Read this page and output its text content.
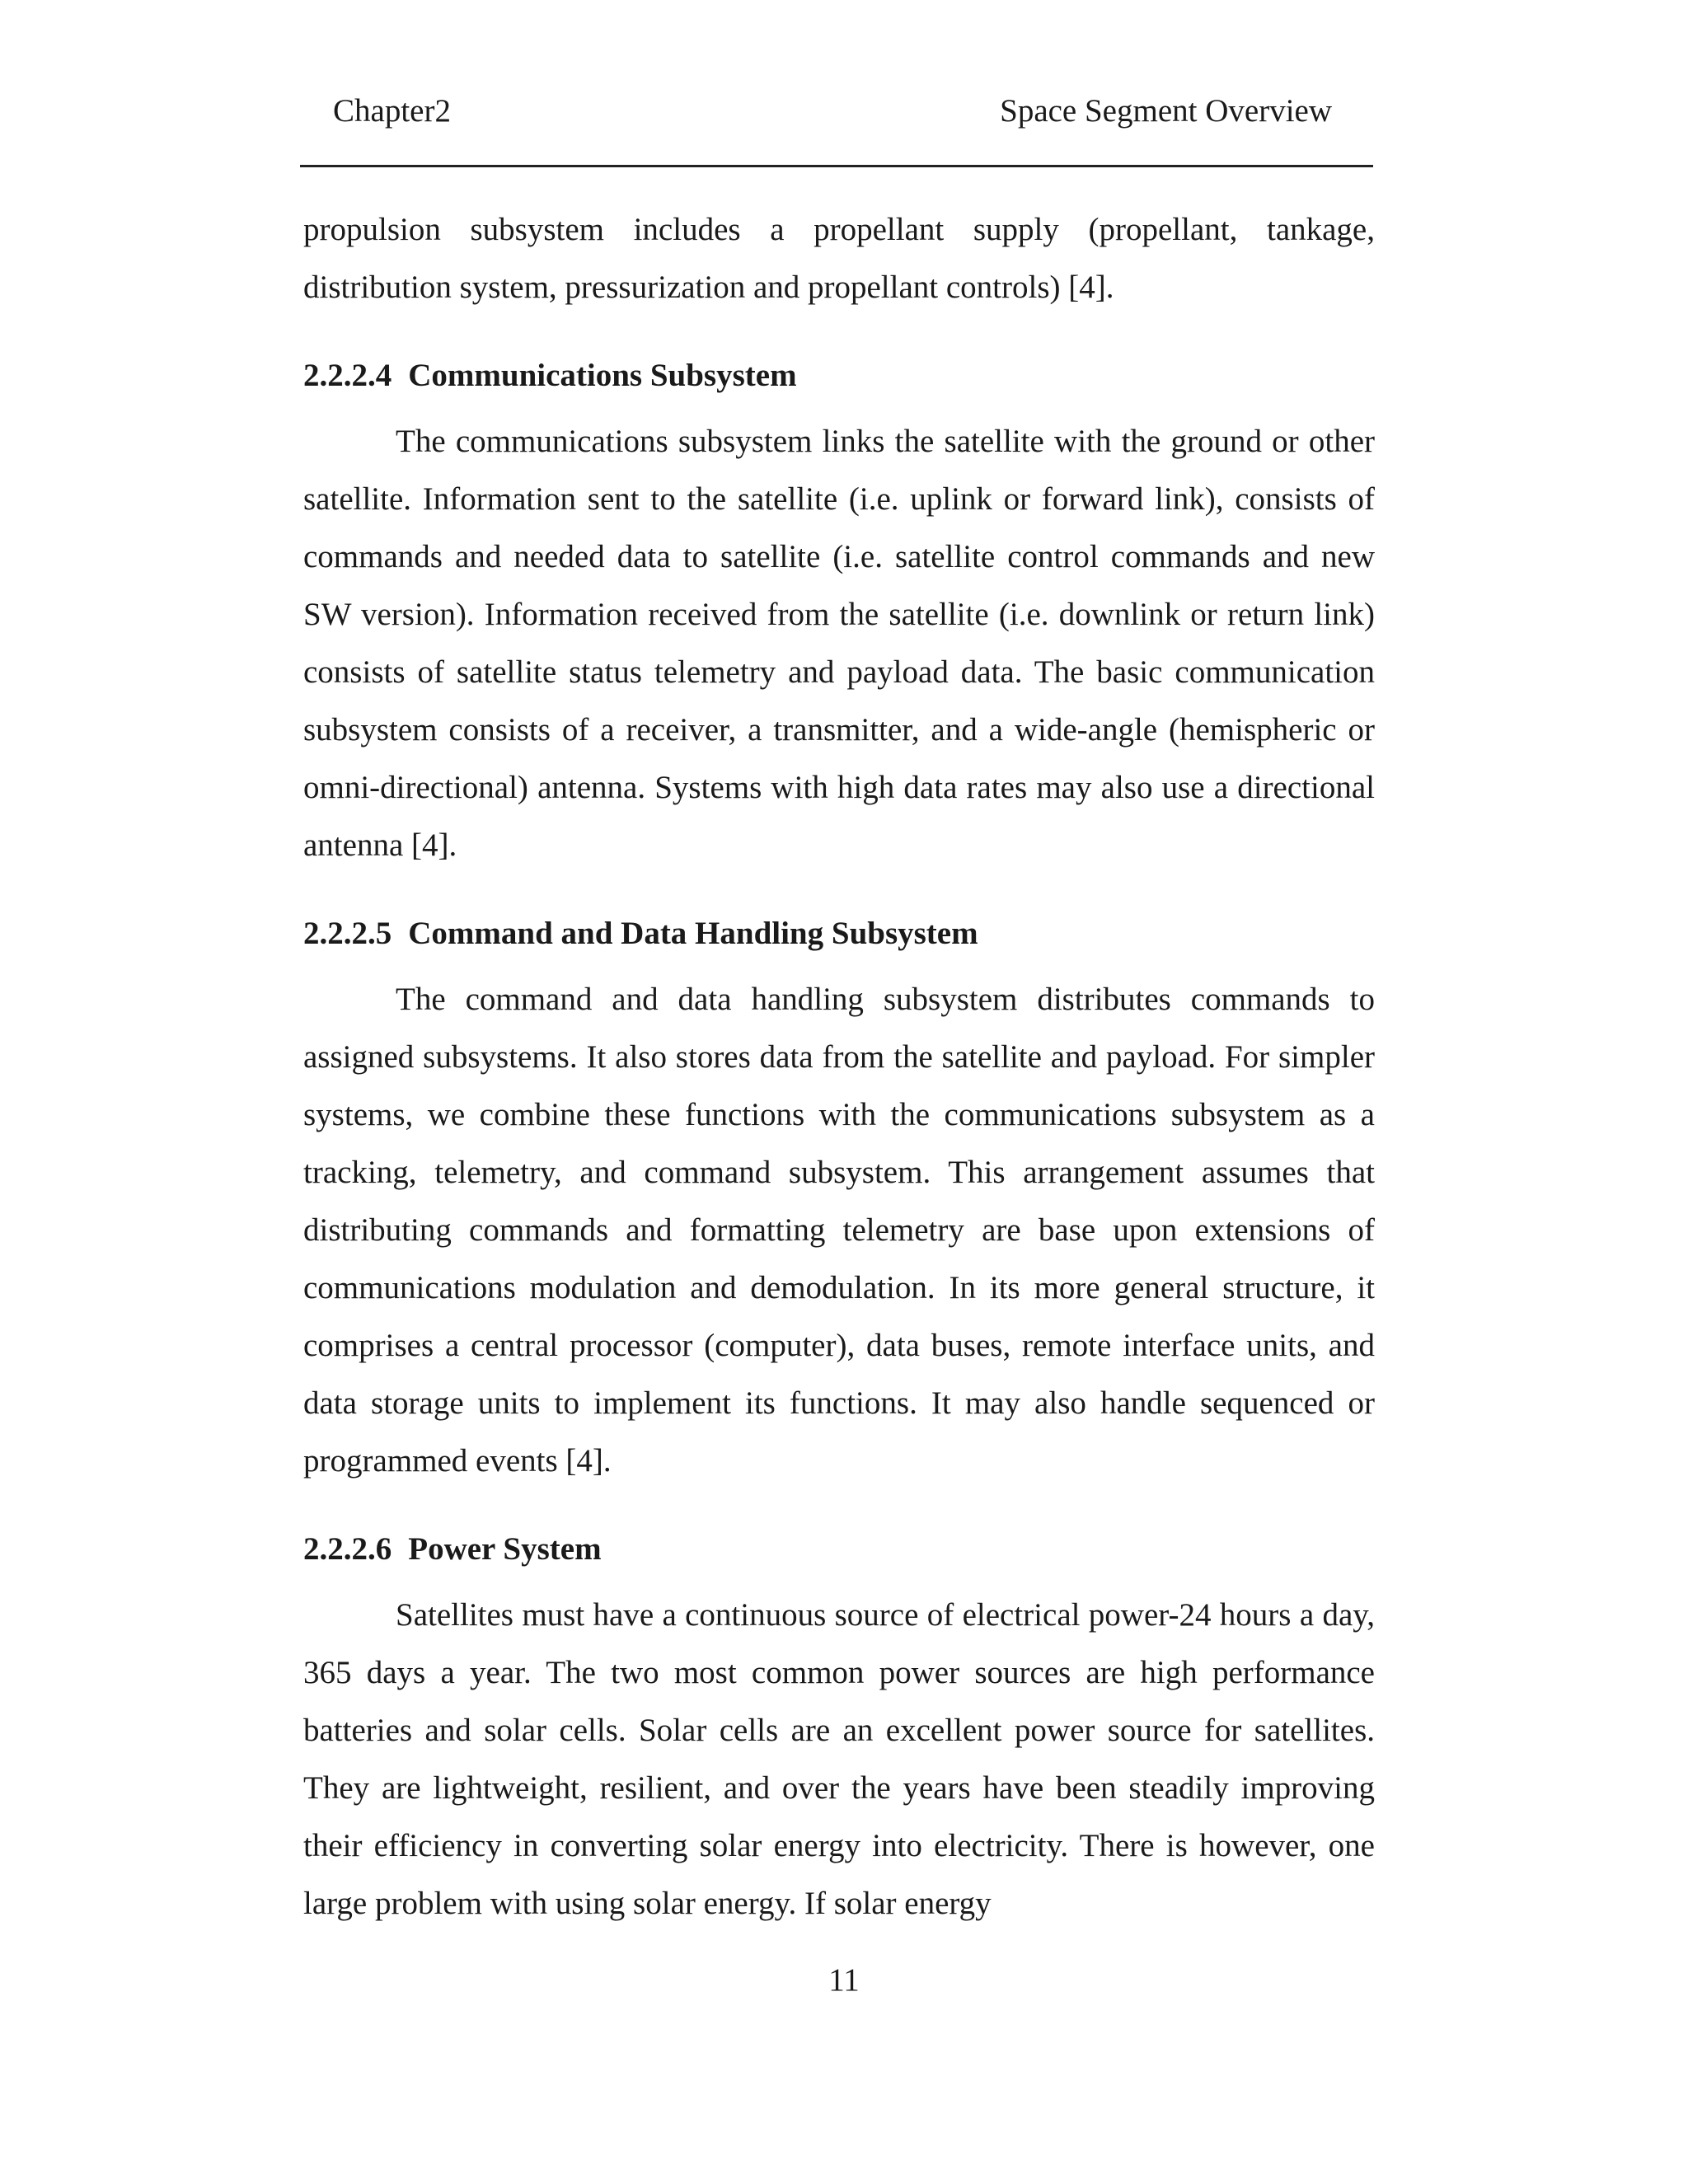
Chapter2	Space Segment Overview

propulsion subsystem includes a propellant supply (propellant, tankage, distribution system, pressurization and propellant controls) [4].

2.2.2.4 Communications Subsystem

The communications subsystem links the satellite with the ground or other satellite. Information sent to the satellite (i.e. uplink or forward link), consists of commands and needed data to satellite (i.e. satellite control commands and new SW version). Information received from the satellite (i.e. downlink or return link) consists of satellite status telemetry and payload data. The basic communication subsystem consists of a receiver, a transmitter, and a wide-angle (hemispheric or omni-directional) antenna. Systems with high data rates may also use a directional antenna [4].

2.2.2.5 Command and Data Handling Subsystem

The command and data handling subsystem distributes commands to assigned subsystems. It also stores data from the satellite and payload. For simpler systems, we combine these functions with the communications subsystem as a tracking, telemetry, and command subsystem. This arrangement assumes that distributing commands and formatting telemetry are base upon extensions of communications modulation and demodulation. In its more general structure, it comprises a central processor (computer), data buses, remote interface units, and data storage units to implement its functions. It may also handle sequenced or programmed events [4].

2.2.2.6 Power System

Satellites must have a continuous source of electrical power-24 hours a day, 365 days a year. The two most common power sources are high performance batteries and solar cells. Solar cells are an excellent power source for satellites. They are lightweight, resilient, and over the years have been steadily improving their efficiency in converting solar energy into electricity. There is however, one large problem with using solar energy. If solar energy

11
